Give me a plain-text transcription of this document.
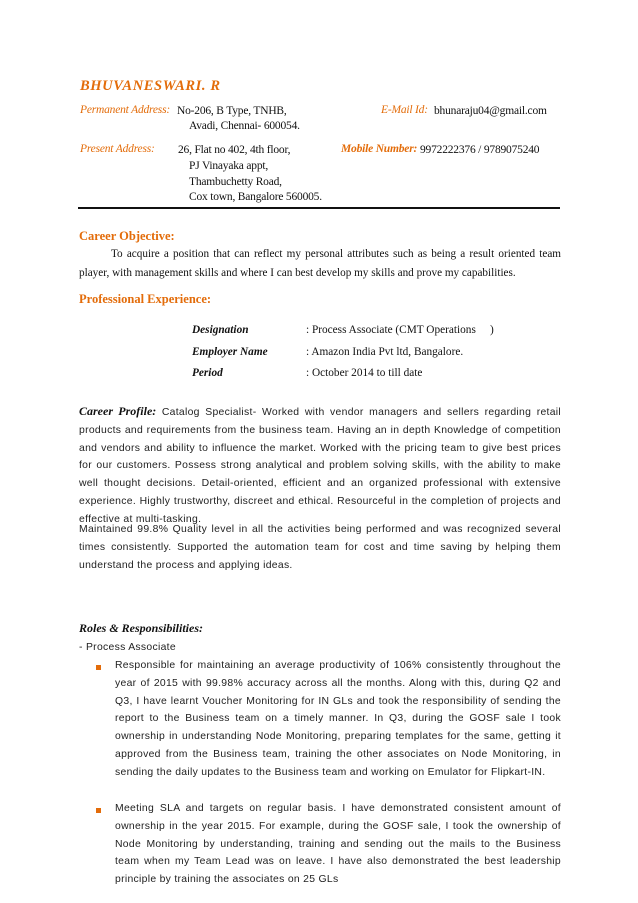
BHUVANESWARI. R
Permanent Address: No-206, B Type, TNHB,
Avadi, Chennai- 600054.
E-Mail Id: bhunaraju04@gmail.com
Present Address: 26, Flat no 402, 4th floor,
PJ Vinayaka appt,
Thambuchetty Road,
Cox town, Bangalore 560005.
Mobile Number: 9972222376 / 9789075240
Career Objective:
To acquire a position that can reflect my personal attributes such as being a result oriented team player, with management skills and where I can best develop my skills and prove my capabilities.
Professional Experience:
Designation	: Process Associate (CMT Operations     )
Employer Name	: Amazon India Pvt ltd, Bangalore.
Period	: October 2014 to till date
Career Profile: Catalog Specialist- Worked with vendor managers and sellers regarding retail products and requirements from the business team. Having an in depth Knowledge of competition and vendors and ability to influence the market. Worked with the pricing team to give best prices for our customers. Possess strong analytical and problem solving skills, with the ability to make well thought decisions. Detail-oriented, efficient and an organized professional with extensive experience. Highly trustworthy, discreet and ethical. Resourceful in the completion of projects and effective at multi-tasking.
Maintained 99.8% Quality level in all the activities being performed and was recognized several times consistently. Supported the automation team for cost and time saving by helping them understand the process and applying ideas.
Roles & Responsibilities:
- Process Associate
Responsible for maintaining an average productivity of 106% consistently throughout the year of 2015 with 99.98% accuracy across all the months. Along with this, during Q2 and Q3, I have learnt Voucher Monitoring for IN GLs and took the responsibility of sending the report to the Business team on a timely manner. In Q3, during the GOSF sale I took ownership in understanding Node Monitoring, preparing templates for the same, getting it approved from the Business team, training the other associates on Node Monitoring, in sending the daily updates to the Business team and working on Emulator for Flipkart-IN.
Meeting SLA and targets on regular basis. I have demonstrated consistent amount of ownership in the year 2015. For example, during the GOSF sale, I took the ownership of Node Monitoring by understanding, training and sending out the mails to the Business team when my Team Lead was on leave. I have also demonstrated the best leadership principle by training the associates on 25 GLs
